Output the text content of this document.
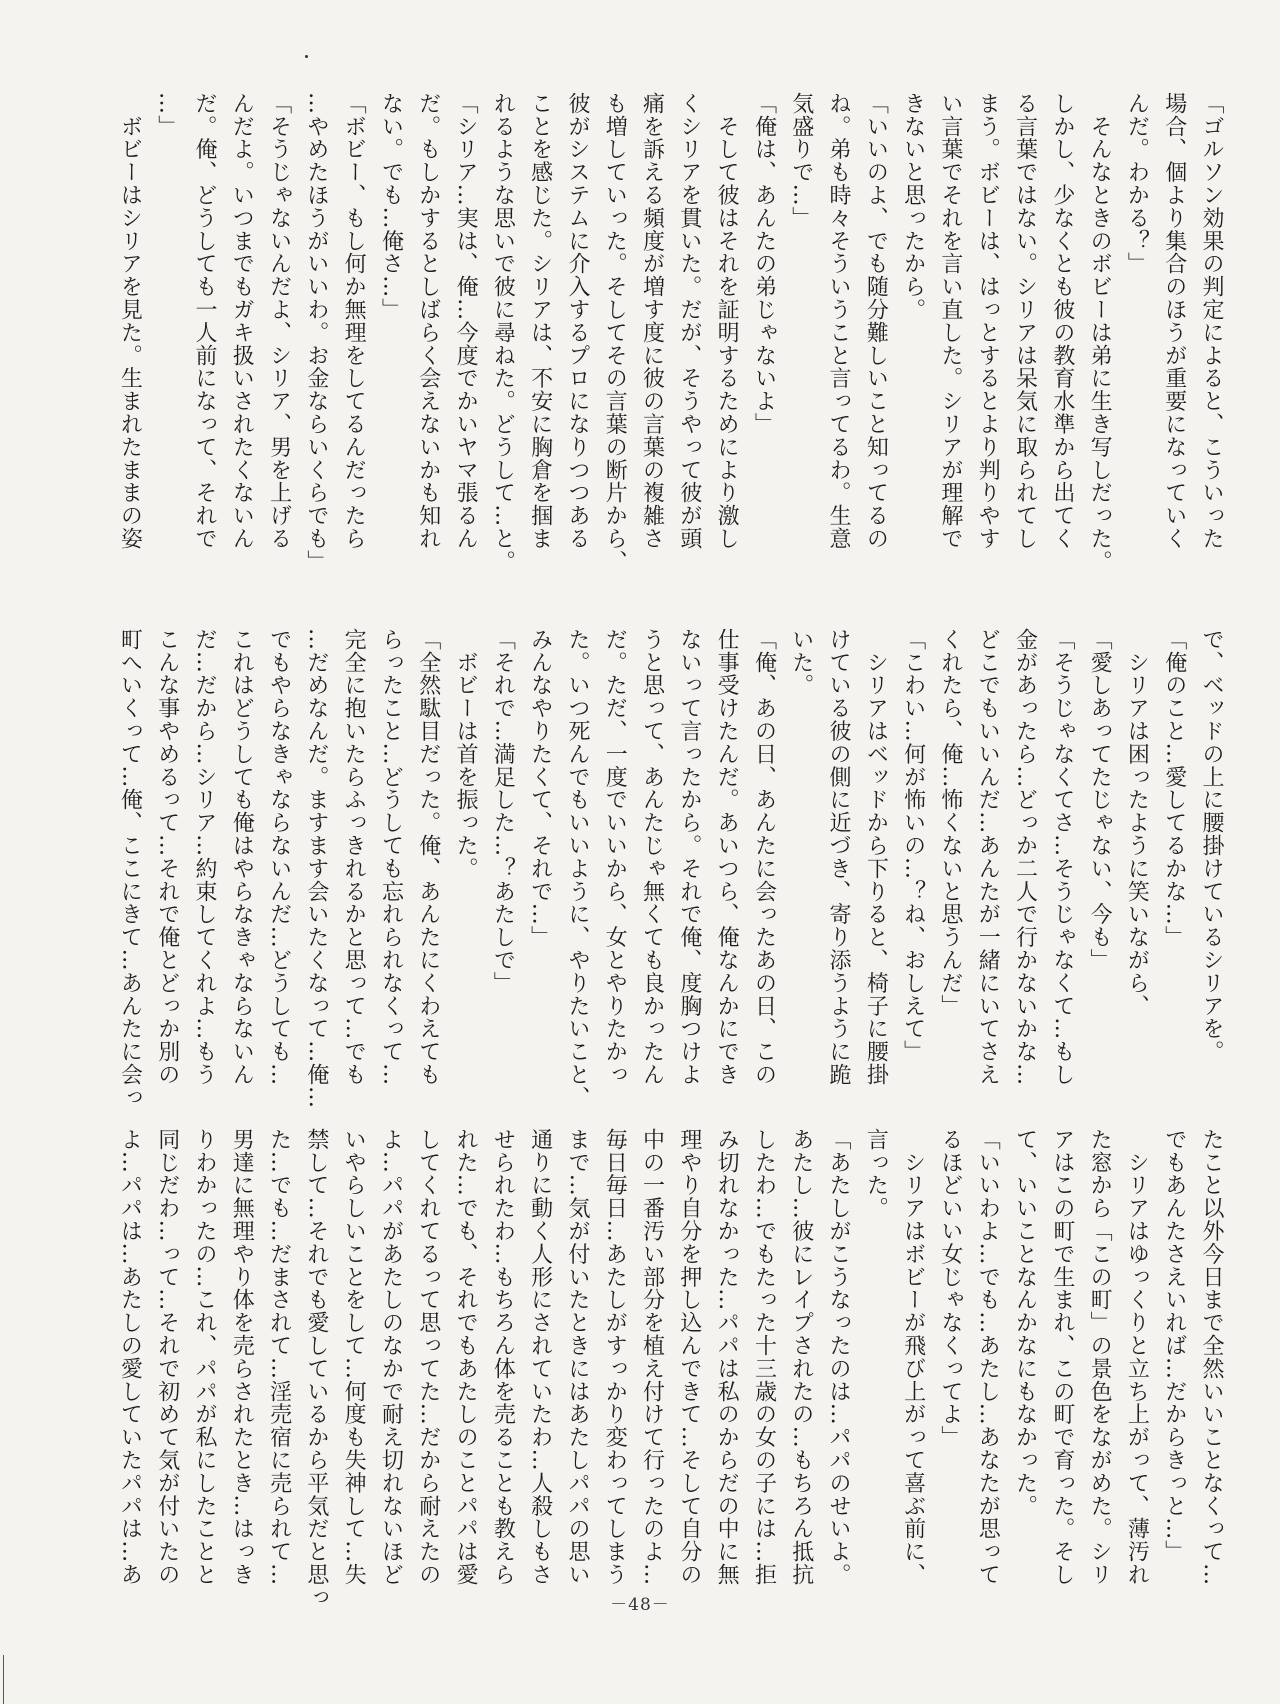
「ゴルソン効果の判定によると、こういった
場合、個より集合のほうが重要になっていく
んだ。わかる？」
　そんなときのボビーは弟に生き写しだった。
しかし、少なくとも彼の教育水準から出てく
る言葉ではない。シリアは呆気に取られてし
まう。ボビーは、はっとするとより判りやす
い言葉でそれを言い直した。シリアが理解で
きないと思ったから。
「いいのよ、でも随分難しいこと知ってるの
ね。弟も時々そういうこと言ってるわ。生意
気盛りで…」
「俺は、あんたの弟じゃないよ」
　そして彼はそれを証明するためにより激し
くシリアを貫いた。だが、そうやって彼が頭
痛を訴える頻度が増す度に彼の言葉の複雑さ
も増していった。そしてその言葉の断片から、
彼がシステムに介入するプロになりつつある
ことを感じた。シリアは、不安に胸倉を掴ま
れるような思いで彼に尋ねた。どうして…と。
「シリア…実は、俺…今度でかいヤマ張るん
だ。もしかするとしばらく会えないかも知れ
ない。でも…俺さ…」
「ボビー、もし何か無理をしてるんだったら
…やめたほうがいいわ。お金ならいくらでも」
「そうじゃないんだよ、シリア、男を上げる
んだよ。いつまでもガキ扱いされたくないん
だ。俺、どうしても一人前になって、それで
…」
　ボビーはシリアを見た。生まれたままの姿
で、ベッドの上に腰掛けているシリアを。
「俺のこと…愛してるかな…」
　シリアは困ったように笑いながら、
「愛しあってたじゃない、今も」
「そうじゃなくてさ…そうじゃなくて…もし
金があったら…どっか二人で行かないかな…
どこでもいいんだ…あんたが一緒にいてさえ
くれたら、俺…怖くないと思うんだ」
「こわい…何が怖いの…？ね、おしえて」
　シリアはベッドから下りると、椅子に腰掛
けている彼の側に近づき、寄り添うように跪
いた。
「俺、あの日、あんたに会ったあの日、この
仕事受けたんだ。あいつら、俺なんかにでき
ないって言ったから。それで俺、度胸つけよ
うと思って、あんたじゃ無くても良かったん
だ。ただ、一度でいいから、女とやりたかっ
た。いつ死んでもいいように、やりたいこと、
みんなやりたくて、それで…」
「それで…満足した…？あたしで」
　ボビーは首を振った。
「全然駄目だった。俺、あんたにくわえても
らったこと…どうしても忘れられなくって…
完全に抱いたらふっきれるかと思って…でも
…だめなんだ。ますます会いたくなって…俺…
でもやらなきゃならないんだ…どうしても…
これはどうしても俺はやらなきゃならないん
だ…だから…シリア…約束してくれよ…もう
こんな事やめるって…それで俺とどっか別の
町へいくって…俺、ここにきて…あんたに会っ
たこと以外今日まで全然いいことなくって…
でもあんたさえいれば…だからきっと…」
　シリアはゆっくりと立ち上がって、薄汚れ
た窓から「この町」の景色をながめた。シリ
アはこの町で生まれ、この町で育った。そし
て、いいことなんかなにもなかった。
「いいわよ…でも…あたし…あなたが思って
るほどいい女じゃなくってよ」
　シリアはボビーが飛び上がって喜ぶ前に、
言った。
「あたしがこうなったのは…パパのせいよ。
あたし…彼にレイプされたの…もちろん抵抗
したわ…でもたった十三歳の女の子には…拒
み切れなかった…パパは私のからだの中に無
理やり自分を押し込んできて…そして自分の
中の一番汚い部分を植え付けて行ったのよ…
毎日毎日…あたしがすっかり変わってしまう
まで…気が付いたときにはあたしパパの思い
通りに動く人形にされていたわ…人殺しもさ
せられたわ…もちろん体を売ることも教えら
れた…でも、それでもあたしのことパパは愛
してくれてるって思ってた…だから耐えたの
よ…パパがあたしのなかで耐え切れないほど
いやらしいことをして…何度も失神して…失
禁して…それでも愛しているから平気だと思っ
た…でも…だまされて…淫売宿に売られて…
男達に無理やり体を売らされたとき…はっき
りわかったの…これ、パパが私にしたことと
同じだわ…って…それで初めて気が付いたの
よ…パパは…あたしの愛していたパパは…あ
－48－
